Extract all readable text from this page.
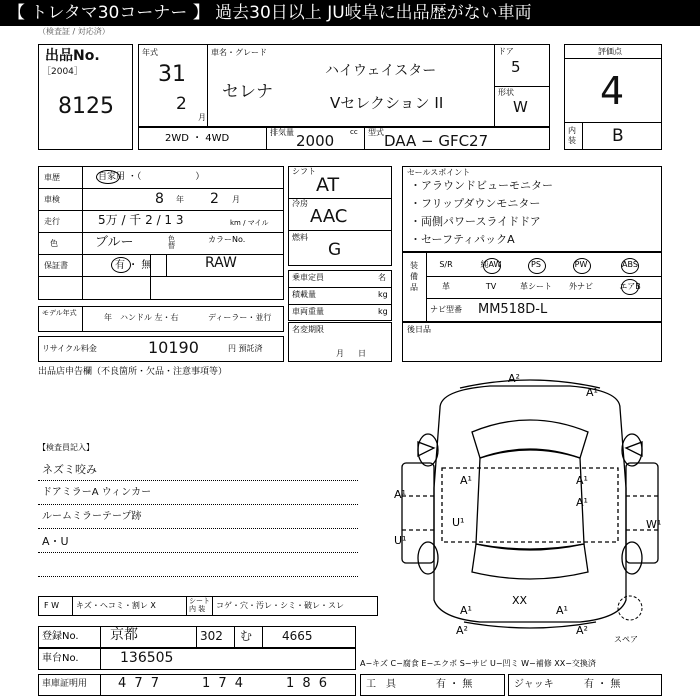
【 トレタマ30コーナー 】 過去30日以上 JU岐阜に出品歴がない車両
（検査証 / 対応済）
出品No.
［2004］
8125
年式
31
2
月
車名・グレード
セレナ
ハイウェイスター
Vセレクション II
ドア
5
形状
W
2WD ・ 4WD
排気量 2000 cc 型式 DAA − GFC27
評価点
4
内装 B
車歴	自家用 ・（　　　　　　）
車検	8 年 2 月
走行	5万 / 千 2 / 1 3	km / マイル
色	ブルー	色替
カラーNo.
RAW
保証書	有 ・ 無
シフト
AT
冷房
AAC
燃料
G
乗車定員	名
積載量	kg
車両重量	kg
セールスポイント
・アラウンドビューモニター
・フリップダウンモニター
・両側パワースライドドア
・セーフティパックA
装備品
S/R	純AW	PS	PW	ABS
革	TV	革シート	外ナビ	エアB
ナビ型番 MM518D-L
モデル年式	年 ハンドル 左・右	ディーラー・並行
リサイクル料金	10190	円 預託済
名変期限
月日
後日品
出品店申告欄（不良箇所・欠品・注意事項等）
【検査員記入】
ネズミ咬み
ドアミラーA ウィンカー
ルームミラーテープ跡
A・U
A²
A¹
A¹	A¹
A¹
A¹
U¹
U¹
W¹
XX
A¹	A¹
A²	A²
スペア
F W キズ・ヘコミ・割レ X	シート内 装	コゲ・穴・汚レ・シミ・破レ・スレ
登録No. 京都	302 む 4665
車台No.	136505	A−キズ C−腐食 E−エクボ S−サビ U−凹ミ W−補修 XX−交換済
車庫証明用 4 7 7	1 7 4	1 8 6	工　具	有 ・ 無	ジャッキ	有 ・ 無
